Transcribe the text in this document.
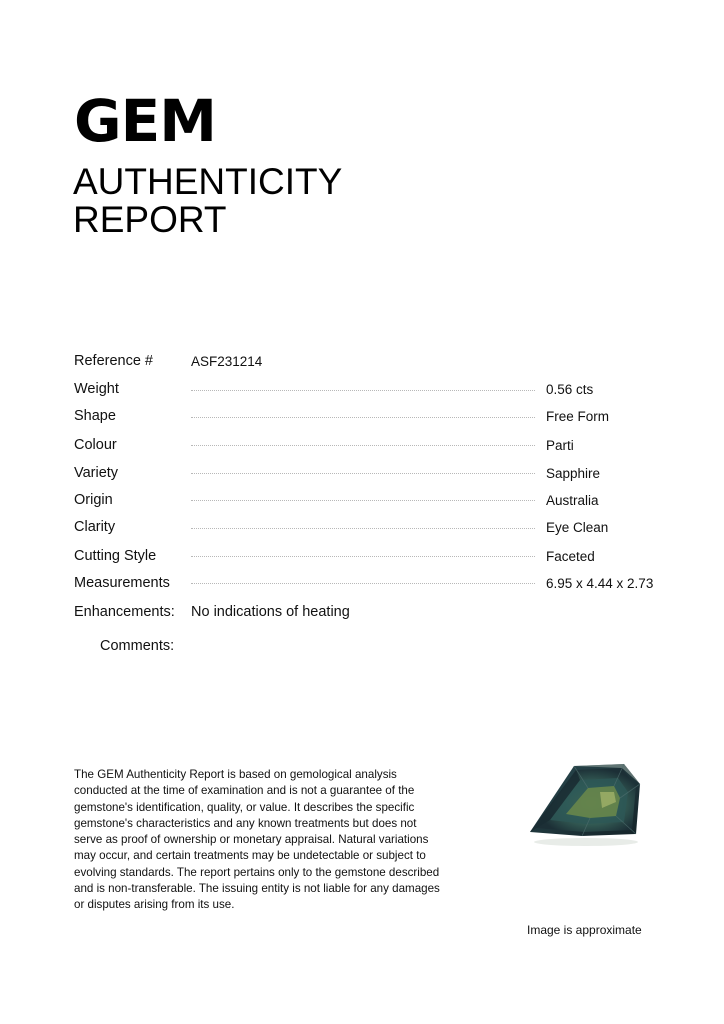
GEM
AUTHENTICITY
REPORT
Reference #	ASF231214
Weight	0.56 cts
Shape	Free Form
Colour	Parti
Variety	Sapphire
Origin	Australia
Clarity	Eye Clean
Cutting Style	Faceted
Measurements	6.95 x 4.44 x 2.73
Enhancements: No indications of heating
Comments:

The GEM Authenticity Report is based on gemological analysis conducted at the time of examination and is not a guarantee of the gemstone's identification, quality, or value. It describes the specific gemstone's characteristics and any known treatments but does not serve as proof of ownership or monetary appraisal. Natural variations may occur, and certain treatments may be undetectable or subject to evolving standards. The report pertains only to the gemstone described and is non-transferable. The issuing entity is not liable for any damages or disputes arising from its use.

Image is approximate
